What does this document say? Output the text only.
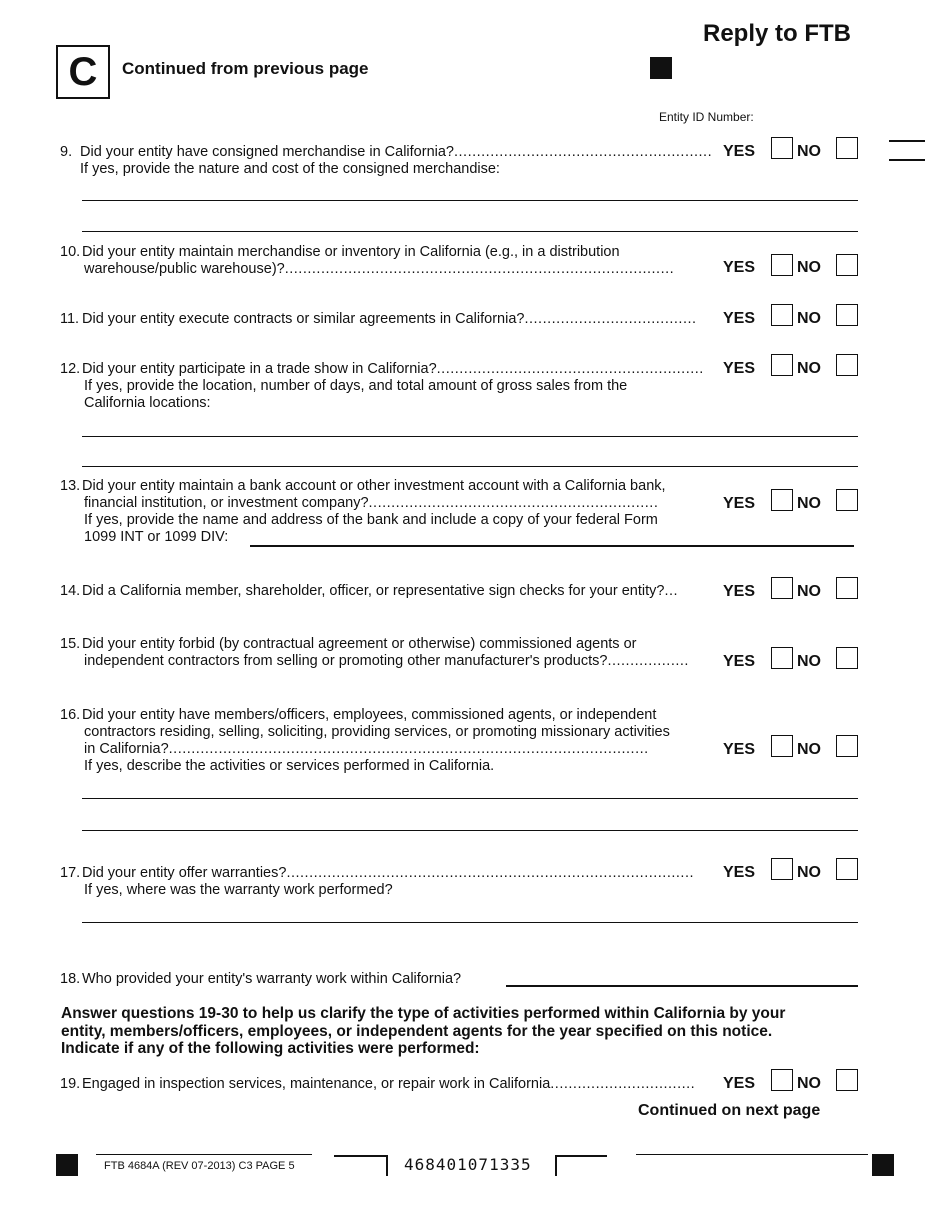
Reply to FTB
C	Continued from previous page
Entity ID Number:
9. Did your entity have consigned merchandise in California?.........................................................
If yes, provide the nature and cost of the consigned merchandise:
YES	NO
10. Did your entity maintain merchandise or inventory in California (e.g., in a distribution
warehouse/public warehouse)?......................................................................................	YES	NO
11. Did your entity execute contracts or similar agreements in California?...................................... YES	NO
12. Did your entity participate in a trade show in California?...........................................................
If yes, provide the location, number of days, and total amount of gross sales from the
California locations:
YES	NO
13. Did your entity maintain a bank account or other investment account with a California bank,
financial institution, or investment company?................................................................
If yes, provide the name and address of the bank and include a copy of your federal Form
1099 INT or 1099 DIV:
YES	NO
14. Did a California member, shareholder, officer, or representative sign checks for your entity?...	YES	NO
15. Did your entity forbid (by contractual agreement or otherwise) commissioned agents or
independent contractors from selling or promoting other manufacturer's products?.................. YES	NO
16. Did your entity have members/officers, employees, commissioned agents, or independent
contractors residing, selling, soliciting, providing services, or promoting missionary activities
in California?..........................................................................................................
If yes, describe the activities or services performed in California.
YES	NO
17. Did your entity offer warranties?..........................................................................................
If yes, where was the warranty work performed?
YES	NO
18. Who provided your entity's warranty work within California?
Answer questions 19-30 to help us clarify the type of activities performed within California by your
entity, members/officers, employees, or independent agents for the year specified on this notice.
Indicate if any of the following activities were performed:
19. Engaged in inspection services, maintenance, or repair work in California................................ YES	NO
Continued on next page
FTB 4684A (REV 07-2013) C3 PAGE 5	468401071335
